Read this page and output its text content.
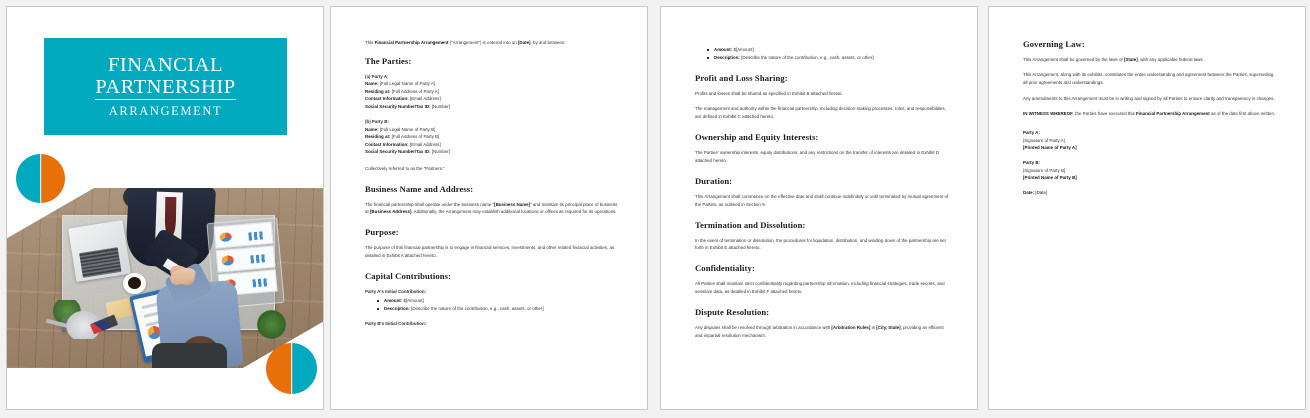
FINANCIAL
PARTNERSHIP
ARRANGEMENT

This Financial Partnership Arrangement ("Arrangement") is entered into on [Date], by and between:

The Parties:
(a) Party A:
Name: [Full Legal Name of Party A]
Residing at: [Full Address of Party A]
Contact Information: [Email Address]
Social Security Number/Tax ID: [Number]
(b) Party B:
Name: [Full Legal Name of Party B]
Residing at: [Full Address of Party B]
Contact Information: [Email Address]
Social Security Number/Tax ID: [Number]

Collectively referred to as the "Partners."

Business Name and Address:

The financial partnership shall operate under the business name "[Business Name]" and maintain its principal place of business at [Business Address]. Additionally, the Arrangement may establish additional locations or offices as required for its operations.

Purpose:

The purpose of this financial partnership is to engage in financial services, investments, and other related financial activities, as detailed in Exhibit A attached hereto.

Capital Contributions:
Party A's Initial Contribution:
Amount: $[Amount]
Description: [Describe the nature of the contribution, e.g., cash, assets, or other]
Party B's Initial Contribution:
Amount: $[Amount]
Description: [Describe the nature of the contribution, e.g., cash, assets, or other]
Profit and Loss Sharing:

Profits and losses shall be shared as specified in Exhibit B attached hereto.

The management and authority within the financial partnership, including decision-making processes, roles, and responsibilities, are defined in Exhibit C attached hereto.

Ownership and Equity Interests:

The Parties' ownership interests, equity distributions, and any restrictions on the transfer of interests are detailed in Exhibit D attached hereto.

Duration:

This Arrangement shall commence on the effective date and shall continue indefinitely or until terminated by mutual agreement of the Parties, as outlined in Section 9.

Termination and Dissolution:

In the event of termination or dissolution, the procedures for liquidation, distribution, and winding down of the partnership are set forth in Exhibit E attached hereto.

Confidentiality:

All Parties shall maintain strict confidentiality regarding partnership information, including financial strategies, trade secrets, and sensitive data, as detailed in Exhibit F attached hereto.

Dispute Resolution:

Any disputes shall be resolved through arbitration in accordance with [Arbitration Rules] in [City, State], providing an efficient and impartial resolution mechanism.

Governing Law:

This Arrangement shall be governed by the laws of [State], with any applicable federal laws.

This Arrangement, along with its exhibits, constitutes the entire understanding and agreement between the Parties, superseding all prior agreements and understandings.

Any amendments to this Arrangement must be in writing and signed by all Parties to ensure clarity and transparency in changes.

IN WITNESS WHEREOF, the Parties have executed this Financial Partnership Arrangement as of the date first above written.

Party A:
[Signature of Party A]
[Printed Name of Party A]
Party B:
[Signature of Party B]
[Printed Name of Party B]
Date: [Date]
